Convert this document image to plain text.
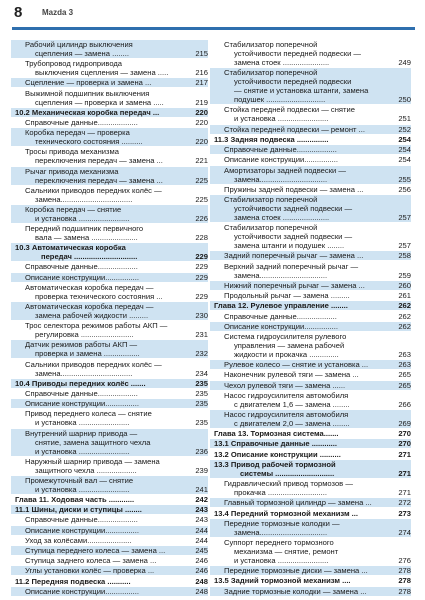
8 Mazda 3
Рабочий цилиндр выключения
сцепления — замена ........	215
Трубопровод гидропривода
выключения сцепления — замена .....	216
Сцепление — проверка и замена ...	217
Выжимной подшипник выключения
сцепления — проверка и замена .....	219
10.2 Механическая коробка передач ...	220
Справочные данные...................	220
Коробка передач — проверка
технического состояния ..........	220
Тросы привода механизма
переключения передач — замена ...	221
Рычаг привода механизма
переключения передач — замена ...	225
Сальники приводов передних колёс —
замена..................................	225
Коробка передач — снятие
и установка ........................	226
Передний подшипник первичного
вала — замена ......................	228
10.3 Автоматическая коробка
передач ..............................	229
Справочные данные...................	229
Описание конструкции................	229
Автоматическая коробка передач —
проверка технического состояния ...	229
Автоматическая коробка передач —
замена рабочей жидкости .........	230
Трос селектора режимов работы АКП —
регулировка .........................	231
Датчик режимов работы АКП —
проверка и замена .................	232
Сальники приводов передних колёс —
замена..................................	234
10.4 Приводы передних колёс .......	235
Справочные данные...................	235
Описание конструкции................	235
Привод переднего колеса — снятие
и установка ........................	235
Внутренний шарнир привода —
снятие, замена защитного чехла
и установка ........................	236
Наружный шарнир привода — замена
защитного чехла ...................	239
Промежуточный вал — снятие
и установка ........................	241
Глава 11. Ходовая часть ............	242
11.1 Шины, диски и ступицы ........	243
Справочные данные...................	243
Описание конструкции................	244
Уход за колёсами.....................	244
Ступица переднего колеса — замена ...	245
Ступица заднего колеса — замена ...	246
Углы установки колёс — проверка ...	246
11.2 Передняя подвеска ...........	248
Описание конструкции................	248
Стабилизатор поперечной
устойчивости передней подвески —
замена стоек ......................	249
Стабилизатор поперечной
устойчивости передней подвески
— снятие и установка штанги, замена
подушек ............................	250
Стойка передней подвески — снятие
и установка ........................	251
Стойка передней подвески — ремонт ...	252
11.3 Задняя подвеска ...............	254
Справочные данные...................	254
Описание конструкции................	254
Амортизаторы задней подвески —
замена................................	255
Пружины задней подвески — замена ...	256
Стабилизатор поперечной
устойчивости задней подвески —
замена стоек ......................	257
Стабилизатор поперечной
устойчивости задней подвески —
замена штанги и подушек ........	257
Задний поперечный рычаг — замена ...	258
Верхний задний поперечный рычаг —
замена................................	259
Нижний поперечный рычаг — замена ...	260
Продольный рычаг — замена .........	261
Глава 12. Рулевое управление ........	262
Справочные данные...................	262
Описание конструкции................	262
Система гидроусилителя рулевого
управления — замена рабочей
жидкости и прокачка ..............	263
Рулевое колесо — снятие и установка ...	263
Наконечник рулевой тяги — замена ...	265
Чехол рулевой тяги — замена ......	265
Насос гидроусилителя автомобиля
с двигателем 1,6 — замена ........	266
Насос гидроусилителя автомобиля
с двигателем 2,0 — замена ........	269
Глава 13. Тормозная система.......	270
13.1 Справочные данные ............	270
13.2 Описание конструкции ..........	271
13.3 Привод рабочей тормозной
системы ............................	271
Гидравлический привод тормозов —
прокачка ............................	271
Главный тормозной цилиндр — замена ...	272
13.4 Передний тормозной механизм ...	273
Передние тормозные колодки —
замена................................	274
Суппорт переднего тормозного
механизма — снятие, ремонт
и установка ........................	276
Передние тормозные диски — замена ...	278
13.5 Задний тормозной механизм ....	278
Задние тормозные колодки — замена ...	278
